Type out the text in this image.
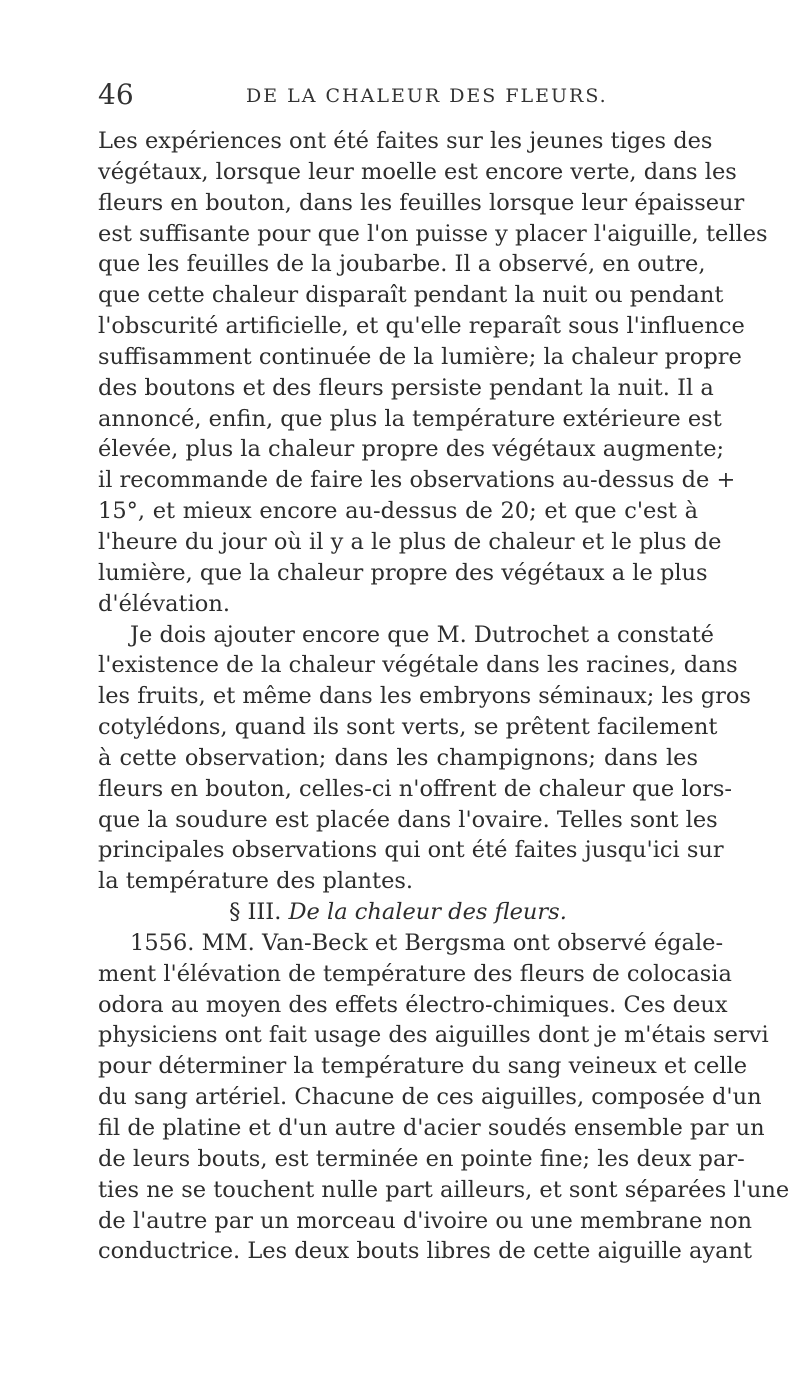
46	DE LA CHALEUR DES FLEURS.
Les expériences ont été faites sur les jeunes tiges des
végétaux, lorsque leur moelle est encore verte, dans les
fleurs en bouton, dans les feuilles lorsque leur épaisseur
est suffisante pour que l'on puisse y placer l'aiguille, telles
que les feuilles de la joubarbe. Il a observé, en outre,
que cette chaleur disparaît pendant la nuit ou pendant
l'obscurité artificielle, et qu'elle reparaît sous l'influence
suffisamment continuée de la lumière; la chaleur propre
des boutons et des fleurs persiste pendant la nuit. Il a
annoncé, enfin, que plus la température extérieure est
élevée, plus la chaleur propre des végétaux augmente;
il recommande de faire les observations au-dessus de +
15°, et mieux encore au-dessus de 20; et que c'est à
l'heure du jour où il y a le plus de chaleur et le plus de
lumière, que la chaleur propre des végétaux a le plus
d'élévation.
Je dois ajouter encore que M. Dutrochet a constaté
l'existence de la chaleur végétale dans les racines, dans
les fruits, et même dans les embryons séminaux; les gros
cotylédons, quand ils sont verts, se prêtent facilement
à cette observation; dans les champignons; dans les
fleurs en bouton, celles-ci n'offrent de chaleur que lors-
que la soudure est placée dans l'ovaire. Telles sont les
principales observations qui ont été faites jusqu'ici sur
la température des plantes.
§ III. De la chaleur des fleurs.
1556. MM. Van-Beck et Bergsma ont observé égale-
ment l'élévation de température des fleurs de colocasia
odora au moyen des effets électro-chimiques. Ces deux
physiciens ont fait usage des aiguilles dont je m'étais servi
pour déterminer la température du sang veineux et celle
du sang artériel. Chacune de ces aiguilles, composée d'un
fil de platine et d'un autre d'acier soudés ensemble par un
de leurs bouts, est terminée en pointe fine; les deux par-
ties ne se touchent nulle part ailleurs, et sont séparées l'une
de l'autre par un morceau d'ivoire ou une membrane non
conductrice. Les deux bouts libres de cette aiguille ayant
